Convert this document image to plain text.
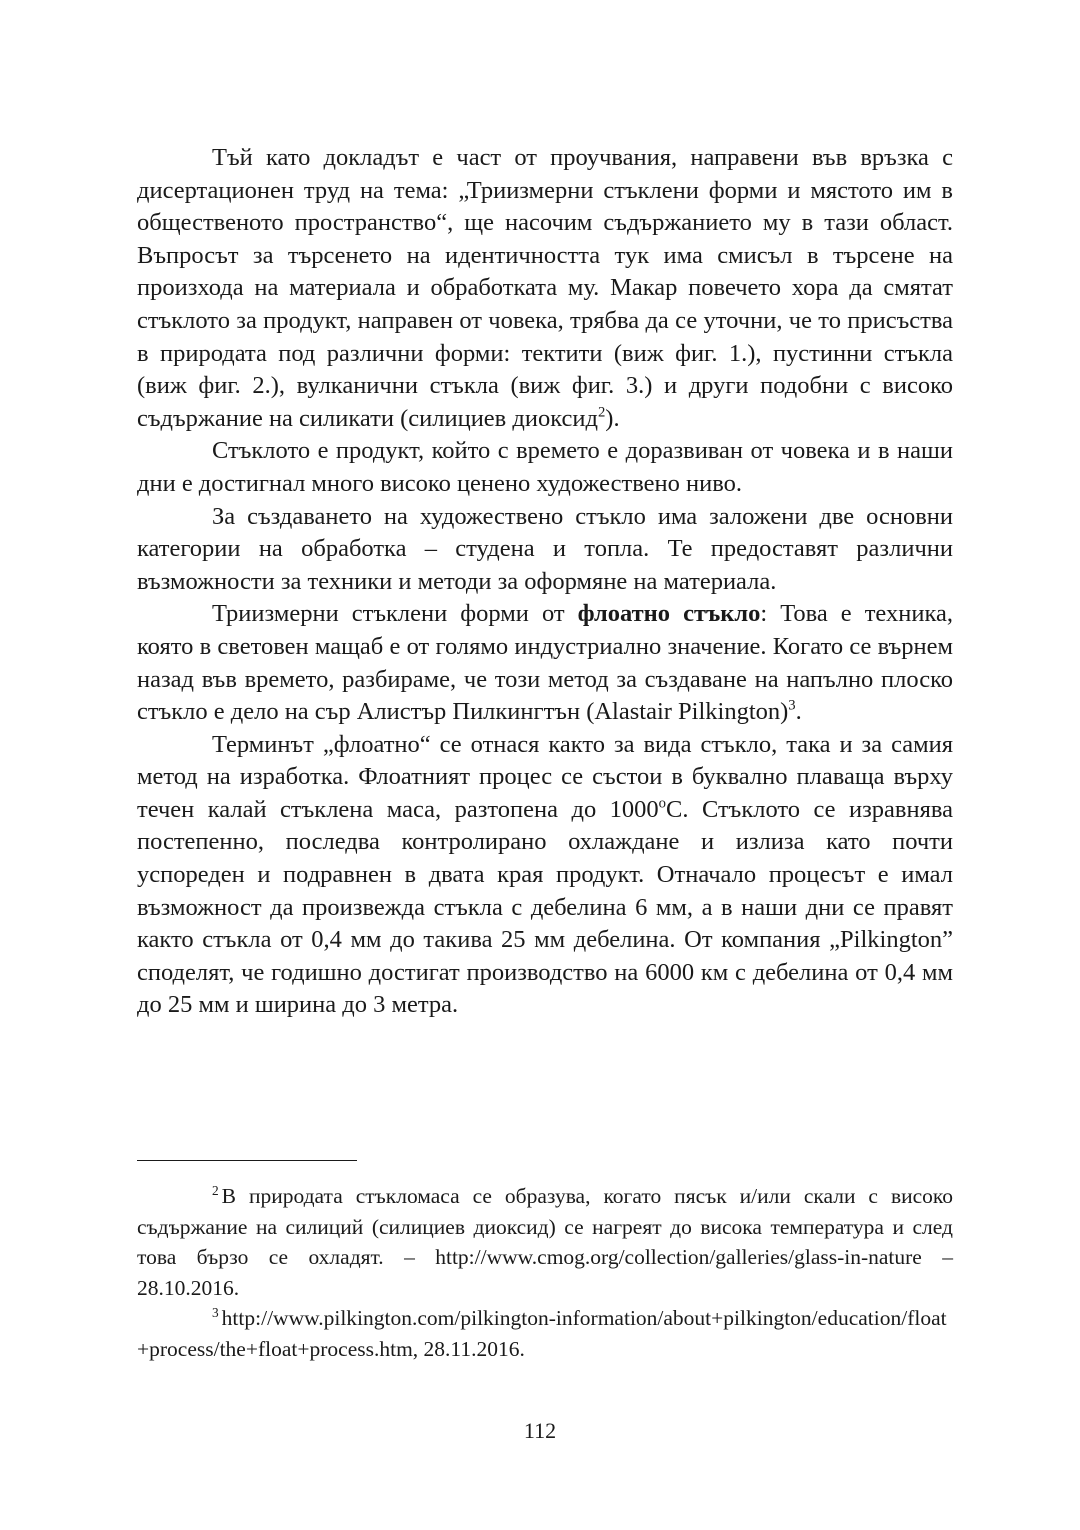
Тъй като докладът е част от проучвания, направени във връзка с дисертационен труд на тема: „Триизмерни стъклени форми и мястото им в общественото пространство“, ще насочим съдържанието му в тази област. Въпросът за търсенето на идентичността тук има смисъл в търсене на произхода на материала и обработката му. Макар повечето хора да смятат стъклото за продукт, направен от човека, трябва да се уточни, че то присъства в природата под различни форми: тектити (виж фиг. 1.), пустинни стъкла (виж фиг. 2.), вулканични стъкла (виж фиг. 3.) и други подобни с високо съдържание на силикати (силициев диоксид$^2$).

Стъклото е продукт, който с времето е доразвиван от човека и в наши дни е достигнал много високо ценено художествено ниво.

За създаването на художествено стъкло има заложени две основни категории на обработка – студена и топла. Те предоставят различни възможности за техники и методи за оформяне на материала.

Триизмерни стъклени форми от флоатно стъкло: Това е техника, която в световен мащаб е от голямо индустриално значение. Когато се върнем назад във времето, разбираме, че този метод за създаване на напълно плоско стъкло е дело на сър Алистър Пилкингтън (Alastair Pilkington)$^3$.

Терминът „флоатно“ се отнася както за вида стъкло, така и за самия метод на изработка. Флоатният процес се състои в буквално плаваща върху течен калай стъклена маса, разтопена до 1000$^o$С. Стъклото се изравнява постепенно, последва контролирано охлаждане и излиза като почти успореден и подравнен в двата края продукт. Отначало процесът е имал възможност да произвежда стъкла с дебелина 6 мм, а в наши дни се правят както стъкла от 0,4 мм до такива 25 мм дебелина. От компания „Pilkington” споделят, че годишно достигат производство на 6000 км с дебелина от 0,4 мм до 25 мм и ширина до 3 метра.

$^2$ В природата стъкломаса се образува, когато пясък и/или скали с високо съдържание на силиций (силициев диоксид) се нагреят до висока температура и след това бързо се охладят. – http://www.cmog.org/collection/galleries/glass-in-nature – 28.10.2016.

$^3$ http://www.pilkington.com/pilkington-information/about+pilkington/education/float+process/the+float+process.htm, 28.11.2016.

112
